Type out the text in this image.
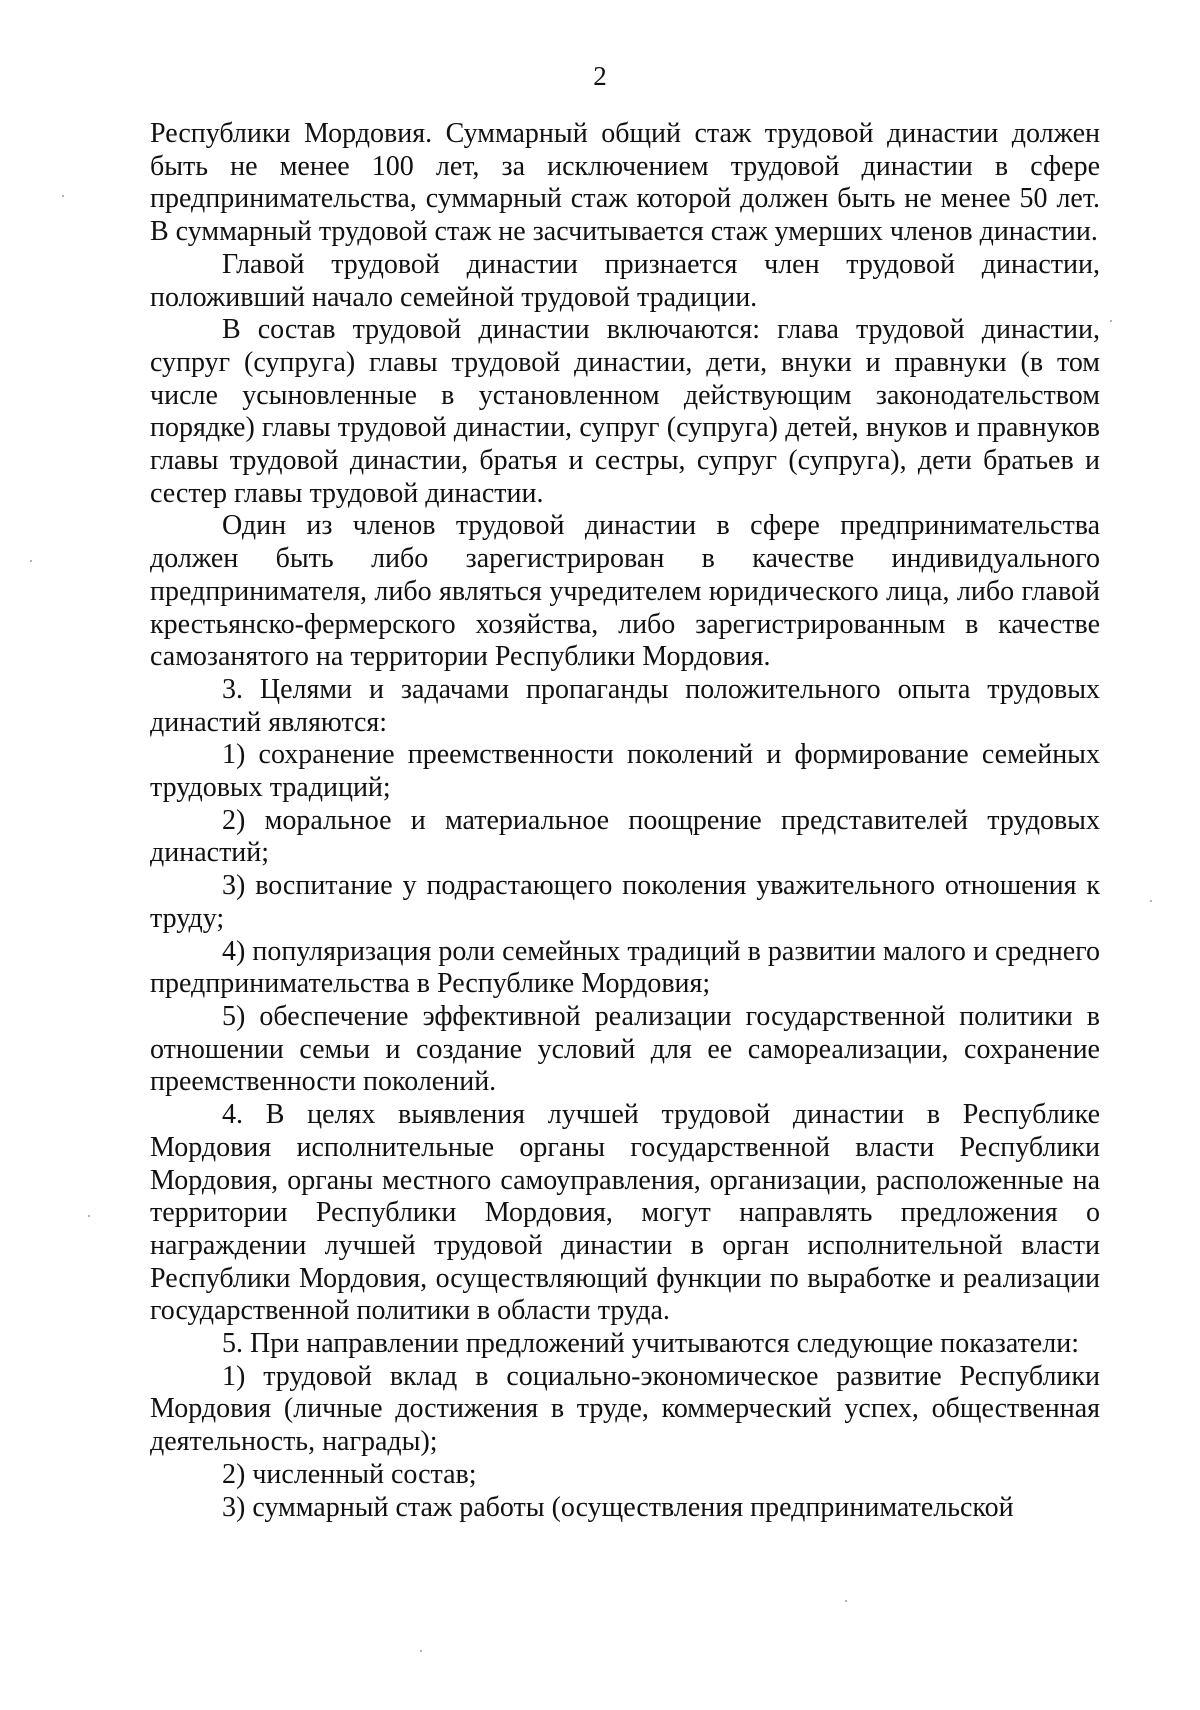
2

Республики Мордовия. Суммарный общий стаж трудовой династии должен быть не менее 100 лет, за исключением трудовой династии в сфере предпринимательства, суммарный стаж которой должен быть не менее 50 лет. В суммарный трудовой стаж не засчитывается стаж умерших членов династии.

Главой трудовой династии признается член трудовой династии, положивший начало семейной трудовой традиции.

В состав трудовой династии включаются: глава трудовой династии, супруг (супруга) главы трудовой династии, дети, внуки и правнуки (в том числе усыновленные в установленном действующим законодательством порядке) главы трудовой династии, супруг (супруга) детей, внуков и правнуков главы трудовой династии, братья и сестры, супруг (супруга), дети братьев и сестер главы трудовой династии.

Один из членов трудовой династии в сфере предпринимательства должен быть либо зарегистрирован в качестве индивидуального предпринимателя, либо являться учредителем юридического лица, либо главой крестьянско-фермерского хозяйства, либо зарегистрированным в качестве самозанятого на территории Республики Мордовия.

3. Целями и задачами пропаганды положительного опыта трудовых династий являются:

1) сохранение преемственности поколений и формирование семейных трудовых традиций;

2) моральное и материальное поощрение представителей трудовых династий;

3) воспитание у подрастающего поколения уважительного отношения к труду;

4) популяризация роли семейных традиций в развитии малого и среднего предпринимательства в Республике Мордовия;

5) обеспечение эффективной реализации государственной политики в отношении семьи и создание условий для ее самореализации, сохранение преемственности поколений.

4. В целях выявления лучшей трудовой династии в Республике Мордовия исполнительные органы государственной власти Республики Мордовия, органы местного самоуправления, организации, расположенные на территории Республики Мордовия, могут направлять предложения о награждении лучшей трудовой династии в орган исполнительной власти Республики Мордовия, осуществляющий функции по выработке и реализации государственной политики в области труда.

5. При направлении предложений учитываются следующие показатели:

1) трудовой вклад в социально-экономическое развитие Республики Мордовия (личные достижения в труде, коммерческий успех, общественная деятельность, награды);

2) численный состав;

3) суммарный стаж работы (осуществления предпринимательской
